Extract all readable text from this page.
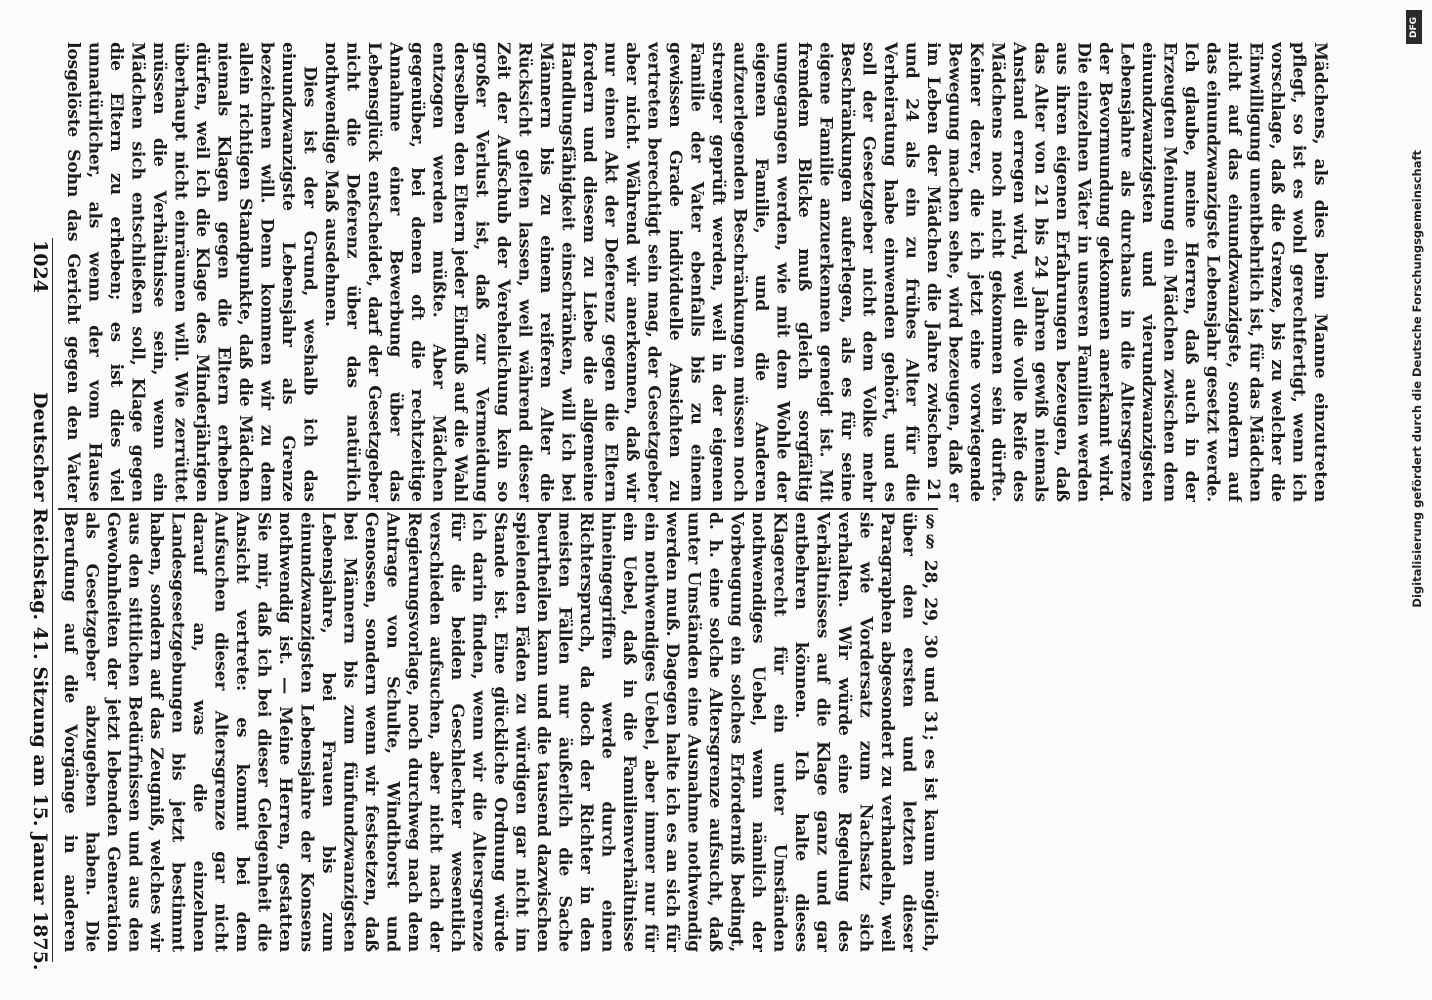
1024
Deutscher Reichstag. 41. Sitzung am 15. Januar 1875.	§§ 28, 29, 30 und 31; es ist kaum möglich, über den ersten und letzten dieser Paragraphen abgesondert zu verhandeln, weil sie wie Vordersatz zum Nachsatz sich verhalten. Wir würde eine Regelung des Verhältnisses auf die Klage ganz und gar entbehren können. Ich halte dieses Klagerecht für ein unter Umständen nothwendiges Uebel, wenn nämlich der Vorbeugung ein solches Erforderniß bedingt, d. h. eine solche Altersgrenze aufsucht, daß unter Umständen eine Ausnahme nothwendig werden muß. Dagegen halte ich es an sich für ein nothwendiges Uebel, aber immer nur für ein Uebel, daß in die Familienverhältnisse hineingegriffen werde durch einen Richterspruch, da doch der Richter in den meisten Fällen nur äußerlich die Sache beurtheilen kann und die tausend dazwischen spielenden Fäden zu würdigen gar nicht im Stande ist. Eine glückliche Ordnung würde ich darin finden, wenn wir die Altersgrenze für die beiden Geschlechter wesentlich verschieden aufsuchen, aber nicht nach der Regierungsvorlage, noch durchweg nach dem Antrage von Schulte, Windthorst und Genossen, sondern wenn wir festsetzen, daß bei Männern bis zum fünfundzwanzigsten Lebensjahre, bei Frauen bis zum einundzwanzigsten Lebensjahre der Konsens nothwendig ist. — Meine Herren, gestatten Sie mir, daß ich bei dieser Gelegenheit die Ansicht vertrete: es kommt bei dem Aufsuchen dieser Altersgrenze gar nicht darauf an, was die einzelnen Landesgesetzgebungen bis jetzt bestimmt haben, sondern auf das Zeugniß, welches wir aus den sittlichen Bedürfnissen und aus den Gewohnheiten der jetzt lebenden Generation als Gesetzgeber abzugeben haben. Die Berufung auf die Vorgänge in anderen

Mädchens, als dies beim Manne einzutreten pflegt, so ist es wohl gerechtfertigt, wenn ich vorschlage, daß die Grenze, bis zu welcher die Einwilligung unentbehrlich ist, für das Mädchen nicht auf das einundzwanzigste, sondern auf das einundzwanzigste Lebensjahr gesetzt werde. Ich glaube, meine Herren, daß auch in der Erzeugten Meinung ein Mädchen zwischen dem einundzwanzigsten und vierundzwanzigsten Lebensjahre als durchaus in die Altersgrenze der Bevormundung gekommen anerkannt wird. Die einzelnen Väter in unseren Familien werden aus ihren eigenen Erfahrungen bezeugen, daß das Alter von 21 bis 24 Jahren gewiß niemals Anstand erregen wird, weil die volle Reife des Mädchens noch nicht gekommen sein dürfte. Keiner derer, die ich jetzt eine vorwiegende Bewegung machen sehe, wird bezeugen, daß er im Leben der Mädchen die Jahre zwischen 21 und 24 als ein zu frühes Alter für die Verheiratung habe einwenden gehört, und es soll der Gesetzgeber nicht dem Volke mehr Beschränkungen auferlegen, als es für seine eigene Familie anzuerkennen geneigt ist. Mit fremdem Blicke muß gleich sorgfältig umgegangen werden, wie mit dem Wohle der eigenen Familie, und die Anderen aufzuerlegenden Beschränkungen müssen noch strenger geprüft werden, weil in der eigenen Familie der Vater ebenfalls bis zu einem gewissen Grade individuelle Ansichten zu vertreten berechtigt sein mag, der Gesetzgeber aber nicht. Während wir anerkennen, daß wir nur einen Akt der Deferenz gegen die Eltern fordern und diesem zu Liebe die allgemeine Handlungsfähigkeit einschränken, will ich bei Männern bis zu einem reiferen Alter die Rücksicht gelten lassen, weil während dieser Zeit der Aufschub der Verehelichung kein so großer Verlust ist, daß zur Vermeidung derselben den Eltern jeder Einfluß auf die Wahl entzogen werden müßte. Aber Mädchen gegenüber, bei denen oft die rechtzeitige Annahme einer Bewerbung über das Lebensglück entscheidet, darf der Gesetzgeber nicht die Deferenz über das natürlich nothwendige Maß ausdehnen.

Dies ist der Grund, weshalb ich das einundzwanzigste Lebensjahr als Grenze bezeichnen will. Denn kommen wir zu dem allein richtigen Standpunkte, daß die Mädchen niemals Klagen gegen die Eltern erheben dürfen, weil ich die Klage des Minderjährigen überhaupt nicht einräumen will. Wie zerrüttet müssen die Verhältnisse sein, wenn ein Mädchen sich entschließen soll, Klage gegen die Eltern zu erheben; es ist dies viel unnatürlicher, als wenn der vom Hause losgelöste Sohn das Gericht gegen den Vater

DFG
Digitalisierung gefördert durch die Deutsche Forschungsgemeinschaft
